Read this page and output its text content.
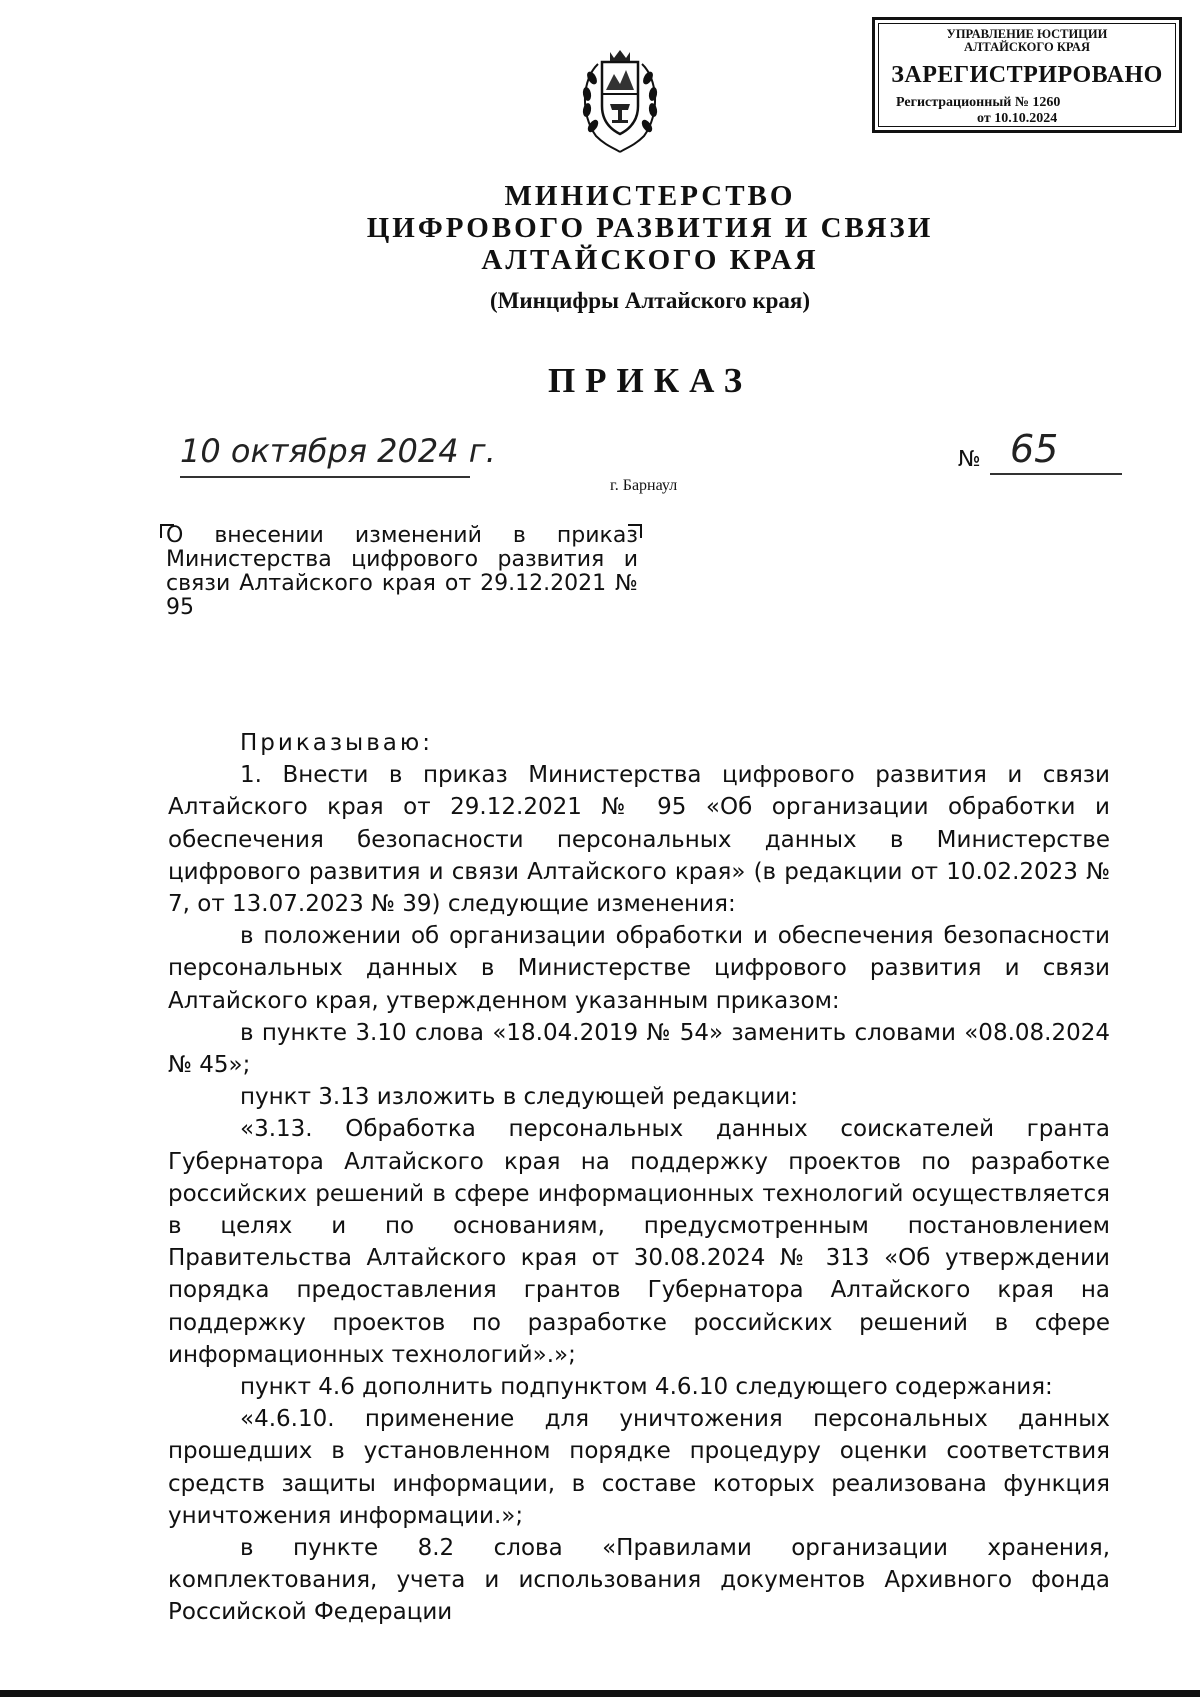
УПРАВЛЕНИЕ ЮСТИЦИИ
АЛТАЙСКОГО КРАЯ
ЗАРЕГИСТРИРОВАНО
Регистрационный № 1260
от 10.10.2024
МИНИСТЕРСТВО
ЦИФРОВОГО РАЗВИТИЯ И СВЯЗИ
АЛТАЙСКОГО КРАЯ
(Минцифры Алтайского края)
ПРИКАЗ
10 октября 2024 г.	№ 65
г. Барнаул
О внесении изменений в приказ Министерства цифрового развития и связи Алтайского края от 29.12.2021 № 95

Приказываю:

1. Внести в приказ Министерства цифрового развития и связи Алтайского края от 29.12.2021 № 95 «Об организации обработки и обеспечения безопасности персональных данных в Министерстве цифрового развития и связи Алтайского края» (в редакции от 10.02.2023 № 7, от 13.07.2023 № 39) следующие изменения:

в положении об организации обработки и обеспечения безопасности персональных данных в Министерстве цифрового развития и связи Алтайского края, утвержденном указанным приказом:

в пункте 3.10 слова «18.04.2019 № 54» заменить словами «08.08.2024 № 45»;

пункт 3.13 изложить в следующей редакции:

«3.13. Обработка персональных данных соискателей гранта Губернатора Алтайского края на поддержку проектов по разработке российских решений в сфере информационных технологий осуществляется в целях и по основаниям, предусмотренным постановлением Правительства Алтайского края от 30.08.2024 № 313 «Об утверждении порядка предоставления грантов Губернатора Алтайского края на поддержку проектов по разработке российских решений в сфере информационных технологий».»;

пункт 4.6 дополнить подпунктом 4.6.10 следующего содержания:

«4.6.10. применение для уничтожения персональных данных прошедших в установленном порядке процедуру оценки соответствия средств защиты информации, в составе которых реализована функция уничтожения информации.»;

в пункте 8.2 слова «Правилами организации хранения, комплектования, учета и использования документов Архивного фонда Российской Федерации
